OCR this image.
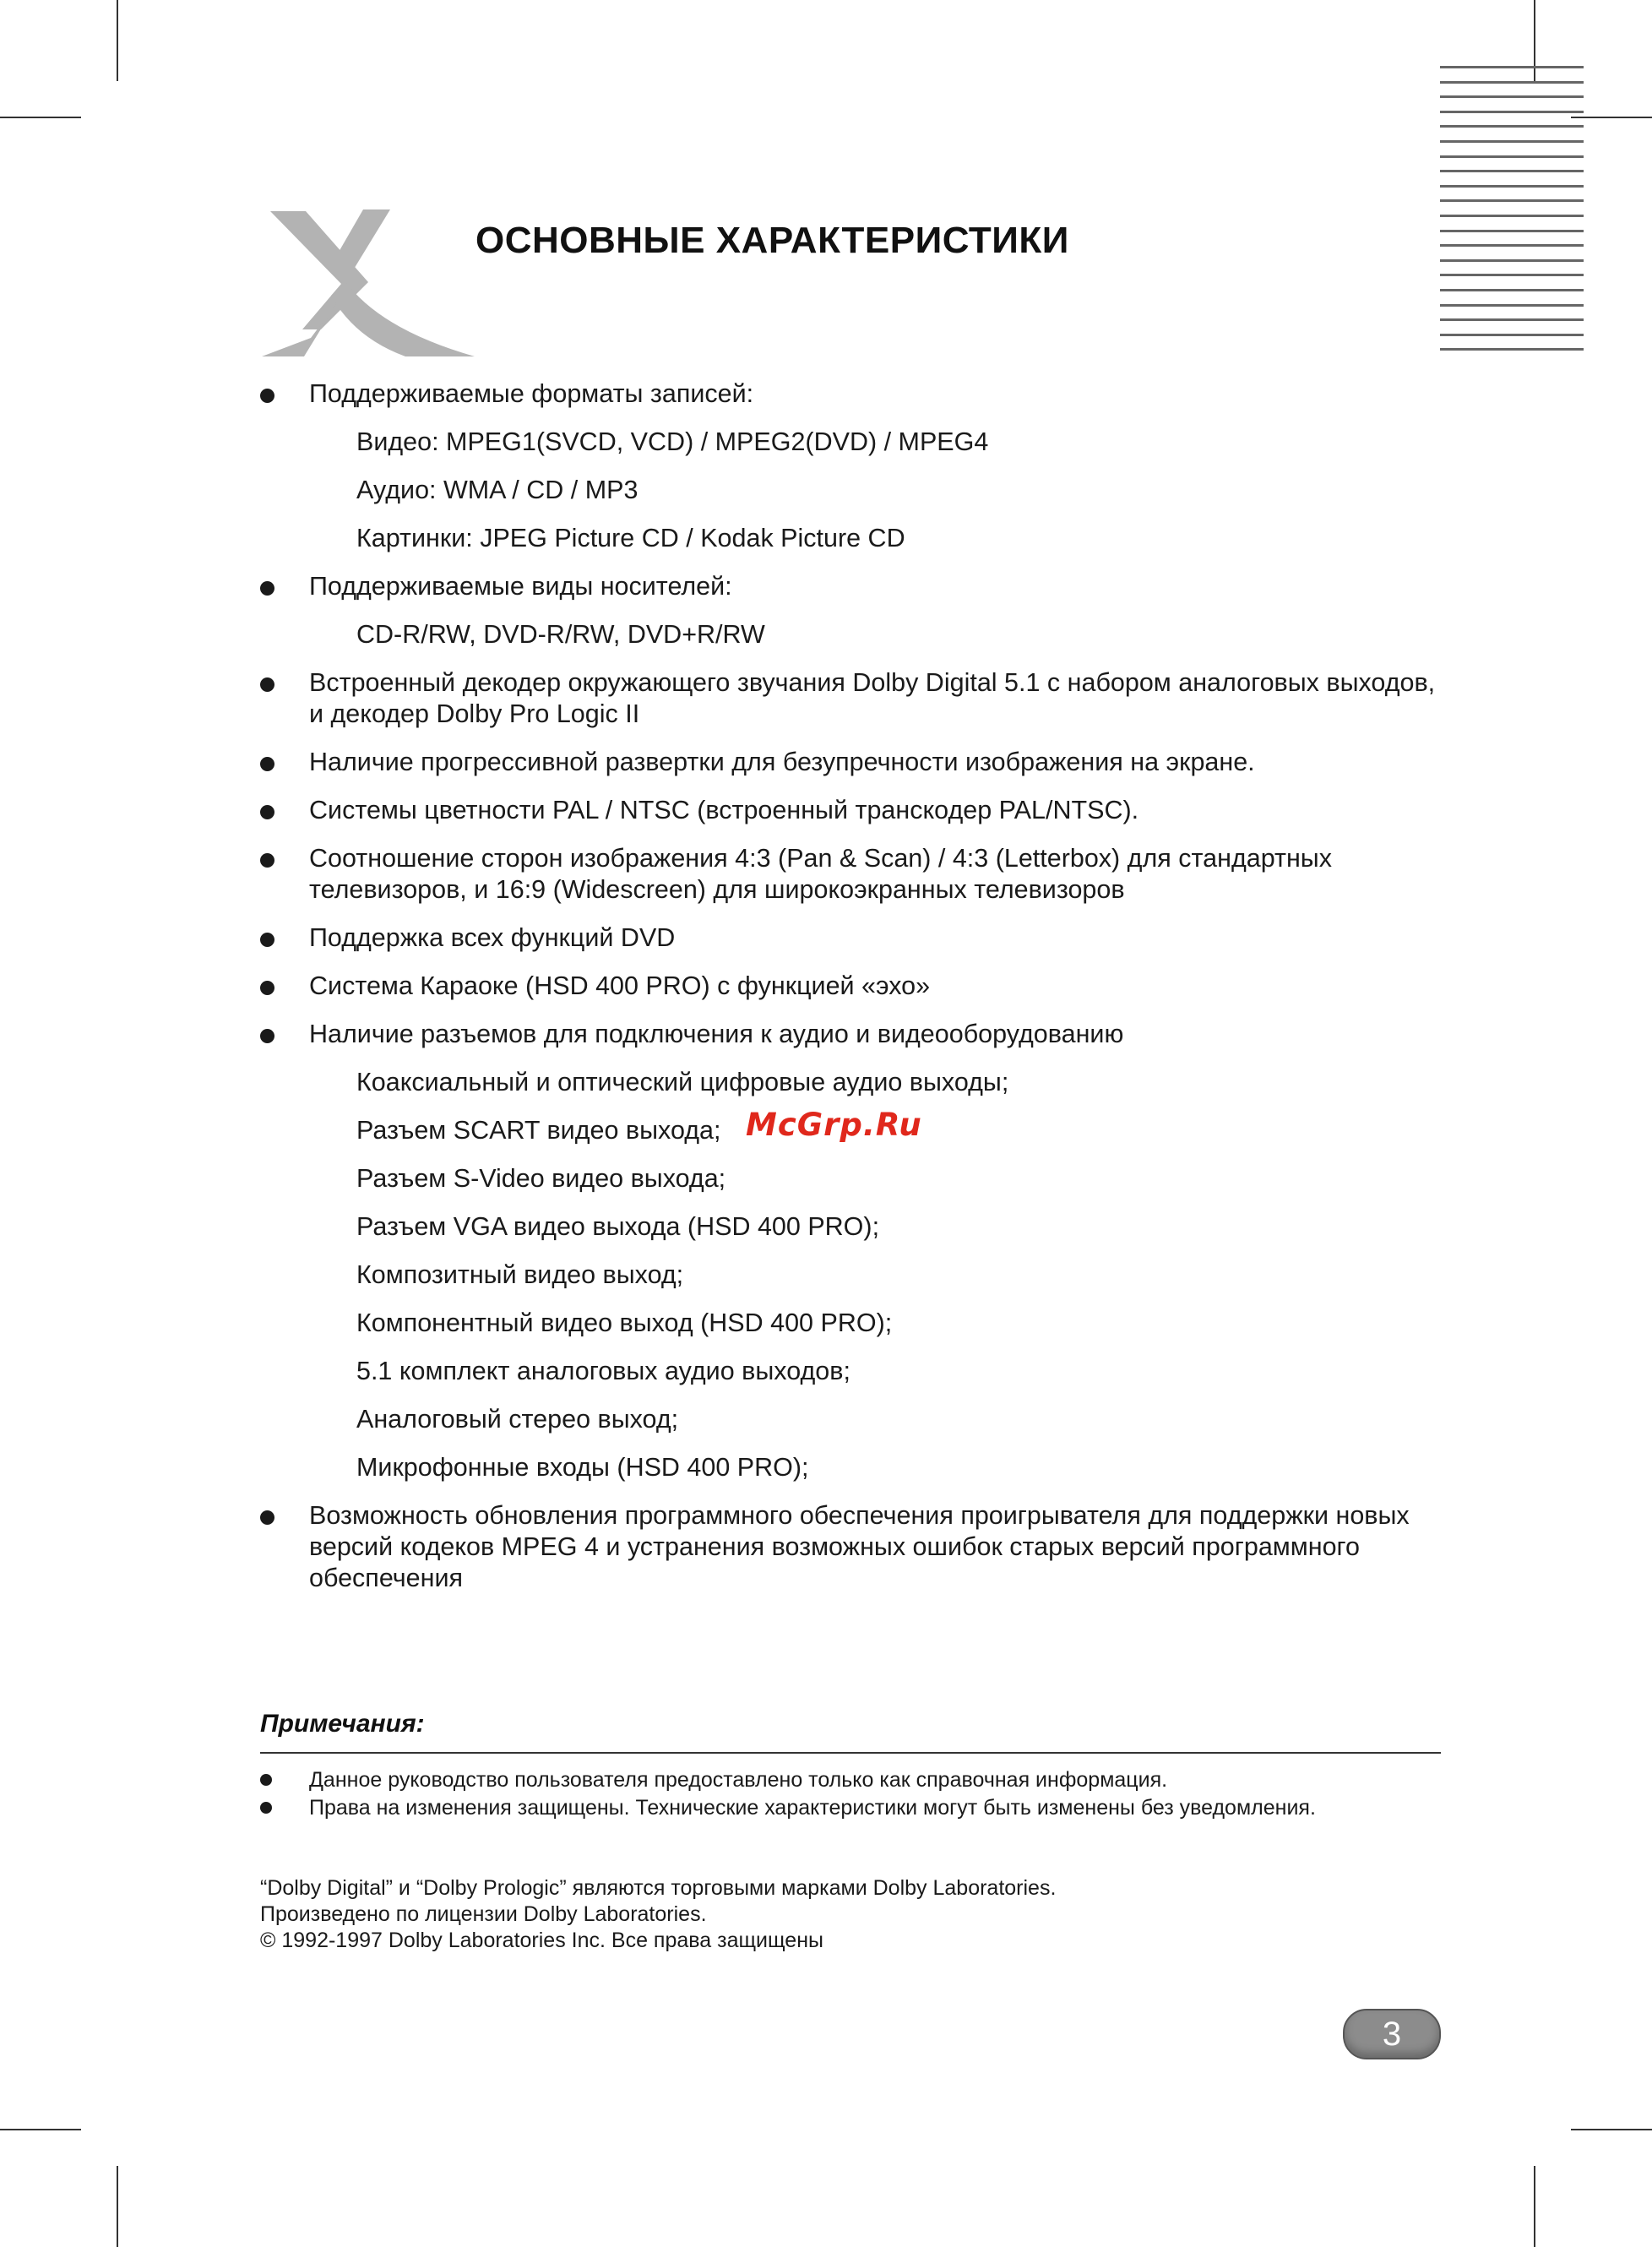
ОСНОВНЫЕ ХАРАКТЕРИСТИКИ
Поддерживаемые форматы записей:
Видео: MPEG1(SVCD, VCD) / MPEG2(DVD) / MPEG4
Аудио: WMA / CD / MP3
Картинки: JPEG Picture CD / Kodak Picture CD
Поддерживаемые виды носителей:
CD-R/RW, DVD-R/RW, DVD+R/RW
Встроенный декодер окружающего звучания Dolby Digital 5.1 с набором аналоговых выходов, и декодер Dolby Pro Logic II
Наличие прогрессивной развертки для безупречности изображения на экране.
Системы цветности PAL / NTSC (встроенный транскодер PAL/NTSC).
Соотношение сторон изображения 4:3 (Pan & Scan) / 4:3 (Letterbox) для стандартных телевизоров, и 16:9 (Widescreen) для широкоэкранных телевизоров
Поддержка всех функций DVD
Система Караоке (HSD 400 PRO) с функцией «эхо»
Наличие разъемов для подключения к аудио и видеооборудованию
Коаксиальный и оптический цифровые аудио выходы;
Разъем SCART видео выхода;
Разъем S-Video видео выхода;
Разъем VGA видео выхода (HSD 400 PRO);
Композитный видео выход;
Компонентный видео выход (HSD 400 PRO);
5.1 комплект аналоговых аудио выходов;
Аналоговый стерео выход;
Микрофонные входы (HSD 400 PRO);
Возможность обновления программного обеспечения проигрывателя для поддержки новых версий кодеков MPEG 4 и устранения возможных ошибок старых версий программного обеспечения

McGrp.Ru

Примечания:

Данное руководство пользователя предоставлено только как справочная информация.
Права на изменения защищены. Технические характеристики могут быть изменены без уведомления.
“Dolby Digital” и “Dolby Prologic” являются торговыми марками Dolby Laboratories.
Произведено по лицензии Dolby Laboratories.
© 1992-1997 Dolby Laboratories Inc. Все права защищены
3
